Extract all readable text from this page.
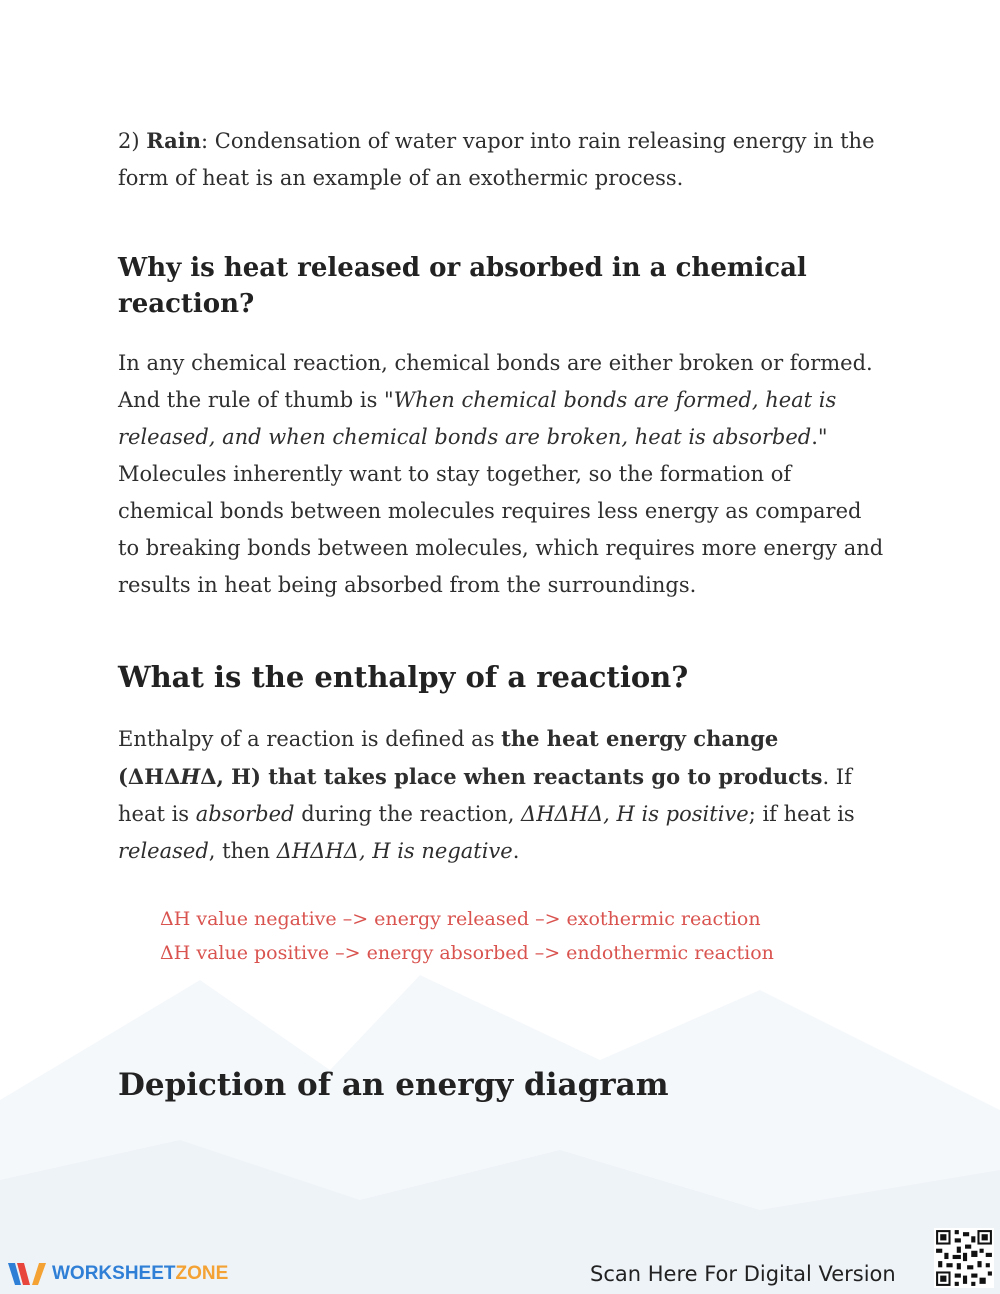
2) Rain: Condensation of water vapor into rain releasing energy in the form of heat is an example of an exothermic process.

Why is heat released or absorbed in a chemical reaction?

In any chemical reaction, chemical bonds are either broken or formed. And the rule of thumb is "When chemical bonds are formed, heat is released, and when chemical bonds are broken, heat is absorbed." Molecules inherently want to stay together, so the formation of chemical bonds between molecules requires less energy as compared to breaking bonds between molecules, which requires more energy and results in heat being absorbed from the surroundings.

What is the enthalpy of a reaction?

Enthalpy of a reaction is defined as the heat energy change (ΔHΔHΔ, H) that takes place when reactants go to products. If heat is absorbed during the reaction, ΔHΔHΔ, H is positive; if heat is released, then ΔHΔHΔ, H is negative.

Depiction of an energy diagram
ΔH value negative –> energy released –> exothermic reaction
ΔH value positive –> energy absorbed –> endothermic reaction
WORKSHEETZONE	Scan Here For Digital Version
